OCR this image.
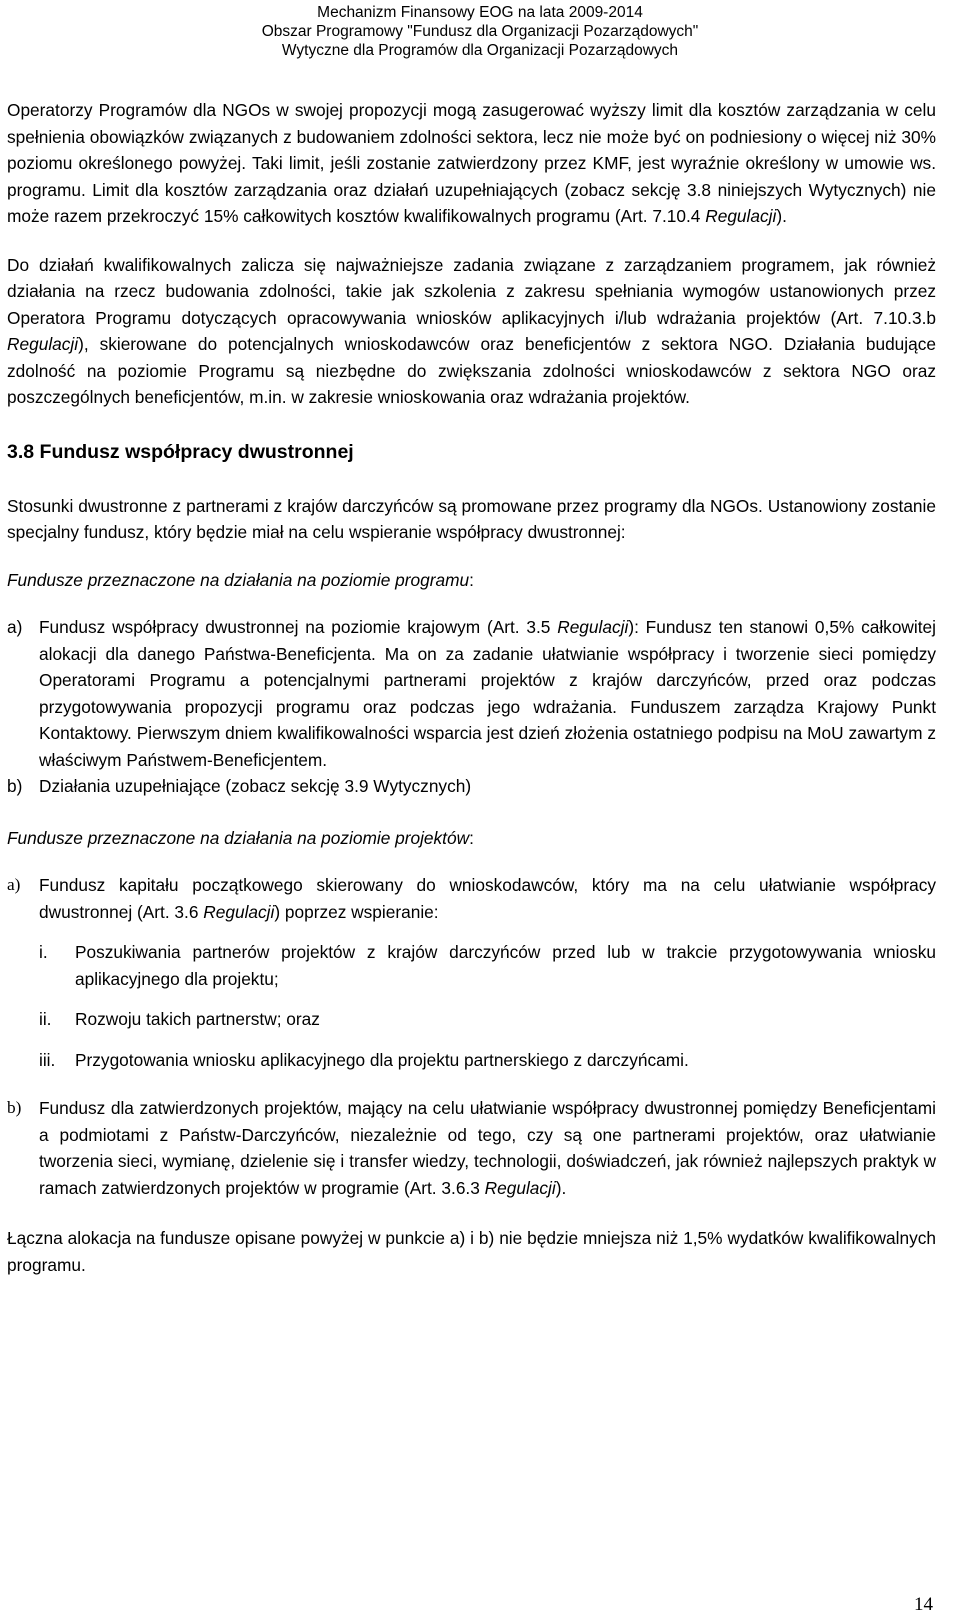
Mechanizm Finansowy EOG na lata 2009-2014
Obszar Programowy "Fundusz dla Organizacji Pozarządowych"
Wytyczne dla Programów dla Organizacji Pozarządowych

Operatorzy Programów dla NGOs w swojej propozycji mogą zasugerować wyższy limit dla kosztów zarządzania w celu spełnienia obowiązków związanych z budowaniem zdolności sektora, lecz nie może być on podniesiony o więcej niż 30% poziomu określonego powyżej. Taki limit, jeśli zostanie zatwierdzony przez KMF, jest wyraźnie określony w umowie ws. programu. Limit dla kosztów zarządzania oraz działań uzupełniających (zobacz sekcję 3.8 niniejszych Wytycznych) nie może razem przekroczyć 15% całkowitych kosztów kwalifikowalnych programu (Art. 7.10.4 Regulacji).

Do działań kwalifikowalnych zalicza się najważniejsze zadania związane z zarządzaniem programem, jak również działania na rzecz budowania zdolności, takie jak szkolenia z zakresu spełniania wymogów ustanowionych przez Operatora Programu dotyczących opracowywania wniosków aplikacyjnych i/lub wdrażania projektów (Art. 7.10.3.b Regulacji), skierowane do potencjalnych wnioskodawców oraz beneficjentów z sektora NGO. Działania budujące zdolność na poziomie Programu są niezbędne do zwiększania zdolności wnioskodawców z sektora NGO oraz poszczególnych beneficjentów, m.in. w zakresie wnioskowania oraz wdrażania projektów.

3.8 Fundusz współpracy dwustronnej

Stosunki dwustronne z partnerami z krajów darczyńców są promowane przez programy dla NGOs. Ustanowiony zostanie specjalny fundusz, który będzie miał na celu wspieranie współpracy dwustronnej:

Fundusze przeznaczone na działania na poziomie programu:
a) Fundusz współpracy dwustronnej na poziomie krajowym (Art. 3.5 Regulacji): Fundusz ten stanowi 0,5% całkowitej alokacji dla danego Państwa-Beneficjenta. Ma on za zadanie ułatwianie współpracy i tworzenie sieci pomiędzy Operatorami Programu a potencjalnymi partnerami projektów z krajów darczyńców, przed oraz podczas przygotowywania propozycji programu oraz podczas jego wdrażania. Funduszem zarządza Krajowy Punkt Kontaktowy. Pierwszym dniem kwalifikowalności wsparcia jest dzień złożenia ostatniego podpisu na MoU zawartym z właściwym Państwem-Beneficjentem.
b) Działania uzupełniające (zobacz sekcję 3.9 Wytycznych)
Fundusze przeznaczone na działania na poziomie projektów:
a) Fundusz kapitału początkowego skierowany do wnioskodawców, który ma na celu ułatwianie współpracy dwustronnej (Art. 3.6 Regulacji) poprzez wspieranie:
i. Poszukiwania partnerów projektów z krajów darczyńców przed lub w trakcie przygotowywania wniosku aplikacyjnego dla projektu;
ii. Rozwoju takich partnerstw; oraz
iii. Przygotowania wniosku aplikacyjnego dla projektu partnerskiego z darczyńcami.
b) Fundusz dla zatwierdzonych projektów, mający na celu ułatwianie współpracy dwustronnej pomiędzy Beneficjentami a podmiotami z Państw-Darczyńców, niezależnie od tego, czy są one partnerami projektów, oraz ułatwianie tworzenia sieci, wymianę, dzielenie się i transfer wiedzy, technologii, doświadczeń, jak również najlepszych praktyk w ramach zatwierdzonych projektów w programie (Art. 3.6.3 Regulacji).

Łączna alokacja na fundusze opisane powyżej w punkcie a) i b) nie będzie mniejsza niż 1,5% wydatków kwalifikowalnych programu.

14
